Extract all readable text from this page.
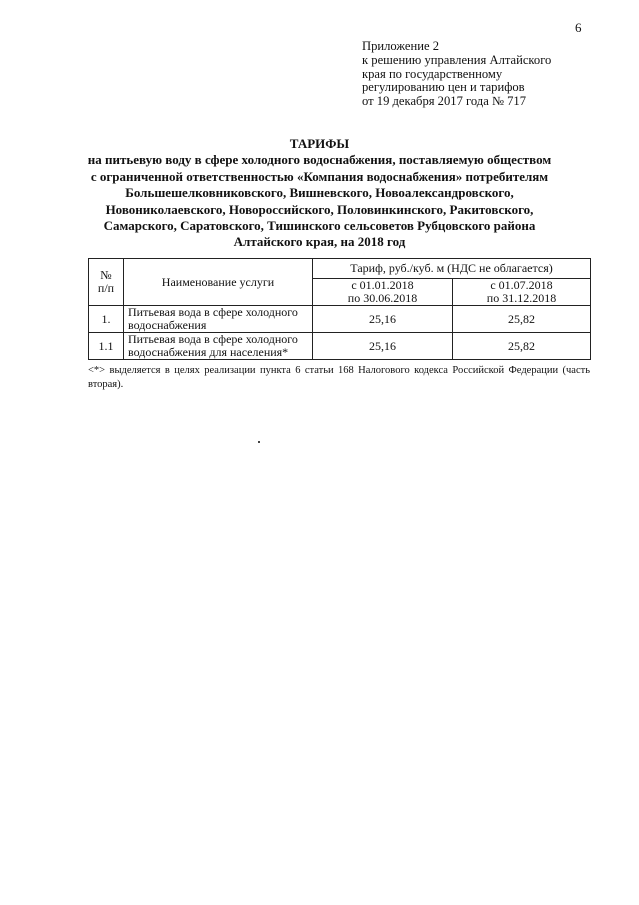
6
Приложение 2
к решению управления Алтайского
края по государственному
регулированию цен и тарифов
от 19 декабря 2017 года № 717
ТАРИФЫ
на питьевую воду в сфере холодного водоснабжения, поставляемую обществом
с ограниченной ответственностью «Компания водоснабжения» потребителям
Большешелковниковского, Вишневского, Новоалександровского,
Новониколаевского, Новороссийского, Половинкинского, Ракитовского,
Самарского, Саратовского, Тишинского сельсоветов Рубцовского района
Алтайского края, на 2018 год
№
п/п	Наименование услуги	Тариф, руб./куб. м (НДС не облагается)	
		с 01.01.2018
по 30.06.2018	с 01.07.2018
по 31.12.2018
1.	Питьевая вода в сфере холодного
водоснабжения	25,16	25,82
1.1	Питьевая вода в сфере холодного
водоснабжения для населения*	25,16	25,82
<*> выделяется в целях реализации пункта 6 статьи 168 Налогового кодекса Российской Федерации (часть вторая).
